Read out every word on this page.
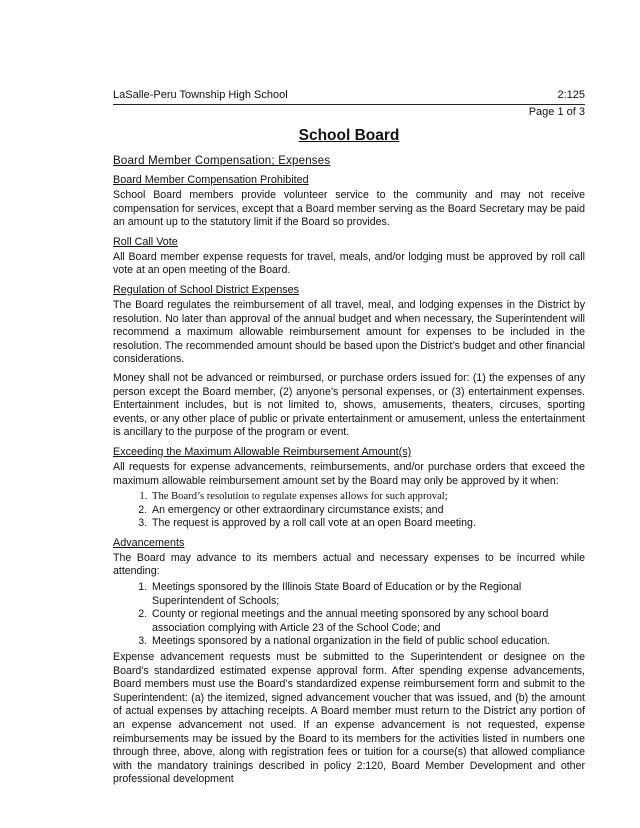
LaSalle-Peru Township High School	2:125
Page 1 of 3
School Board
Board Member Compensation; Expenses
Board Member Compensation Prohibited

School Board members provide volunteer service to the community and may not receive compensation for services, except that a Board member serving as the Board Secretary may be paid an amount up to the statutory limit if the Board so provides.

Roll Call Vote

All Board member expense requests for travel, meals, and/or lodging must be approved by roll call vote at an open meeting of the Board.

Regulation of School District Expenses

The Board regulates the reimbursement of all travel, meal, and lodging expenses in the District by resolution. No later than approval of the annual budget and when necessary, the Superintendent will recommend a maximum allowable reimbursement amount for expenses to be included in the resolution. The recommended amount should be based upon the District’s budget and other financial considerations.

Money shall not be advanced or reimbursed, or purchase orders issued for: (1) the expenses of any person except the Board member, (2) anyone’s personal expenses, or (3) entertainment expenses. Entertainment includes, but is not limited to, shows, amusements, theaters, circuses, sporting events, or any other place of public or private entertainment or amusement, unless the entertainment is ancillary to the purpose of the program or event.

Exceeding the Maximum Allowable Reimbursement Amount(s)

All requests for expense advancements, reimbursements, and/or purchase orders that exceed the maximum allowable reimbursement amount set by the Board may only be approved by it when:

1. The Board’s resolution to regulate expenses allows for such approval;
2. An emergency or other extraordinary circumstance exists; and
3. The request is approved by a roll call vote at an open Board meeting.
Advancements

The Board may advance to its members actual and necessary expenses to be incurred while attending:

1. Meetings sponsored by the Illinois State Board of Education or by the Regional Superintendent of Schools;
2. County or regional meetings and the annual meeting sponsored by any school board association complying with Article 23 of the School Code; and
3. Meetings sponsored by a national organization in the field of public school education.

Expense advancement requests must be submitted to the Superintendent or designee on the Board’s standardized estimated expense approval form. After spending expense advancements, Board members must use the Board’s standardized expense reimbursement form and submit to the Superintendent: (a) the itemized, signed advancement voucher that was issued, and (b) the amount of actual expenses by attaching receipts. A Board member must return to the District any portion of an expense advancement not used. If an expense advancement is not requested, expense reimbursements may be issued by the Board to its members for the activities listed in numbers one through three, above, along with registration fees or tuition for a course(s) that allowed compliance with the mandatory trainings described in policy 2:120, Board Member Development and other professional development
